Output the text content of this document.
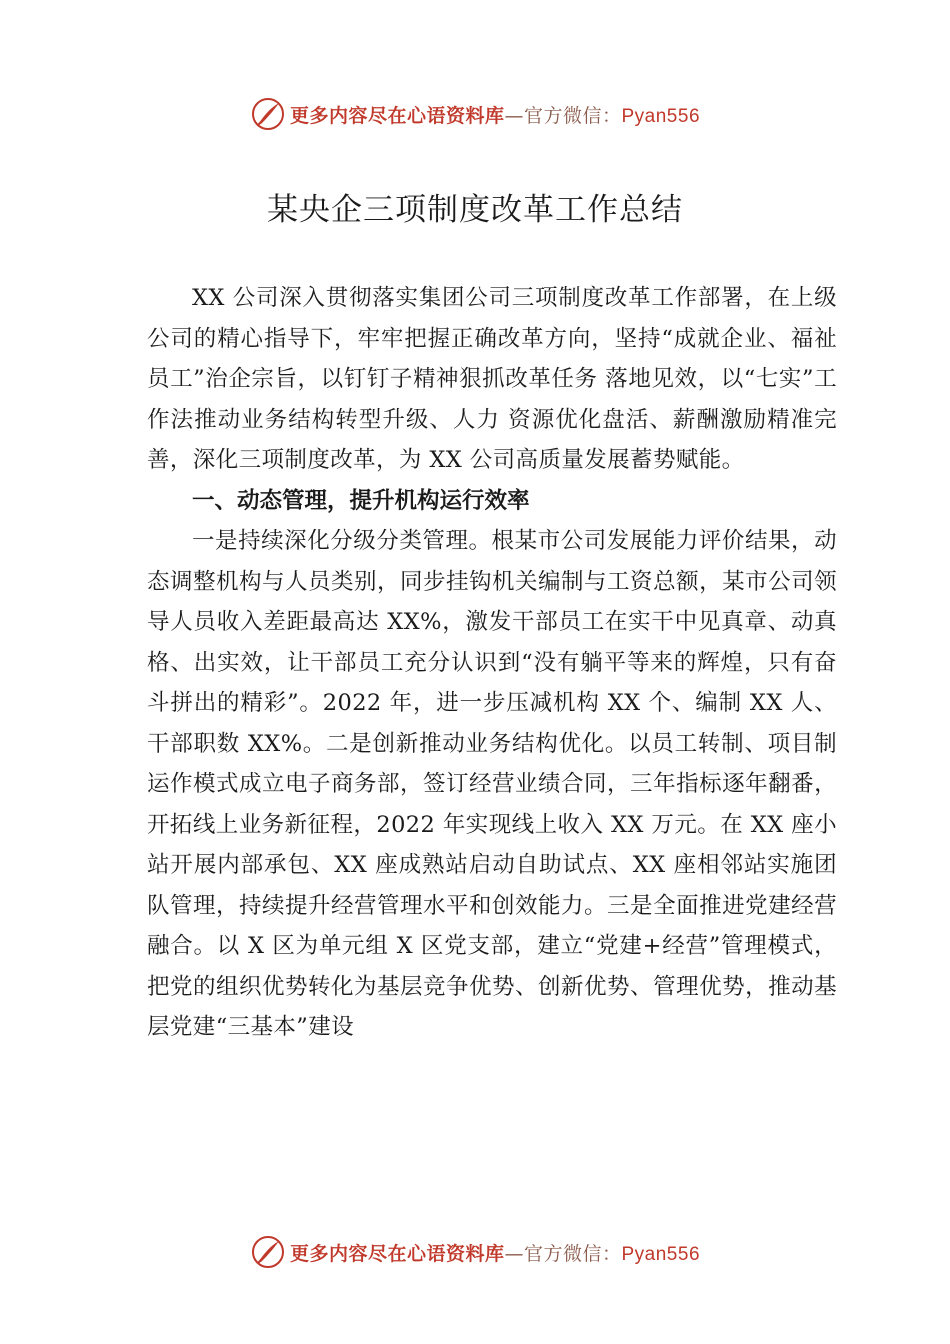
更多内容尽在心语资料库—官方微信：Pyan556
某央企三项制度改革工作总结

XX 公司深入贯彻落实集团公司三项制度改革工作部署，在上级公司的精心指导下，牢牢把握正确改革方向，坚持“成就企业、福祉员工”治企宗旨，以钉钉子精神狠抓改革任务 落地见效，以“七实”工作法推动业务结构转型升级、人力 资源优化盘活、薪酬激励精准完善，深化三项制度改革，为 XX 公司高质量发展蓄势赋能。

一、动态管理，提升机构运行效率

一是持续深化分级分类管理。根某市公司发展能力评价结果，动态调整机构与人员类别，同步挂钩机关编制与工资总额，某市公司领导人员收入差距最高达 XX%，激发干部员工在实干中见真章、动真格、出实效，让干部员工充分认识到“没有躺平等来的辉煌，只有奋斗拼出的精彩”。2022 年，进一步压减机构 XX 个、编制 XX 人、干部职数 XX%。二是创新推动业务结构优化。以员工转制、项目制运作模式成立电子商务部，签订经营业绩合同，三年指标逐年翻番，开拓线上业务新征程，2022 年实现线上收入 XX 万元。在 XX 座小站开展内部承包、XX 座成熟站启动自助试点、XX 座相邻站实施团队管理，持续提升经营管理水平和创效能力。三是全面推进党建经营融合。以 X 区为单元组 X 区党支部，建立“党建+经营”管理模式，把党的组织优势转化为基层竞争优势、创新优势、管理优势，推动基层党建“三基本”建设

更多内容尽在心语资料库—官方微信：Pyan556
